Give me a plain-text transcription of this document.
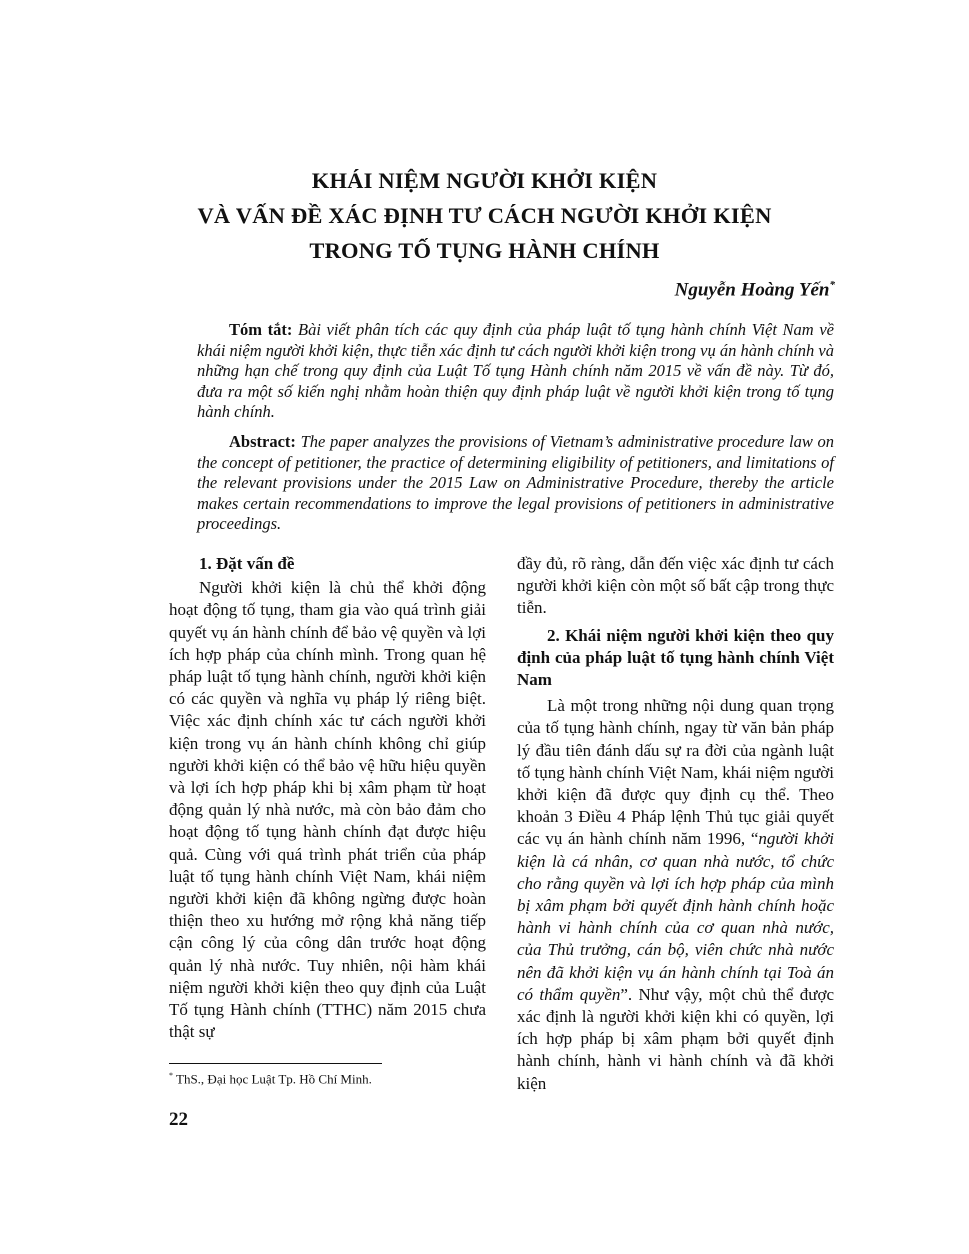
KHÁI NIỆM NGƯỜI KHỞI KIỆN
VÀ VẤN ĐỀ XÁC ĐỊNH TƯ CÁCH NGƯỜI KHỞI KIỆN
TRONG TỐ TỤNG HÀNH CHÍNH
Nguyễn Hoàng Yến*
Tóm tắt: Bài viết phân tích các quy định của pháp luật tố tụng hành chính Việt Nam về khái niệm người khởi kiện, thực tiễn xác định tư cách người khởi kiện trong vụ án hành chính và những hạn chế trong quy định của Luật Tố tụng Hành chính năm 2015 về vấn đề này. Từ đó, đưa ra một số kiến nghị nhằm hoàn thiện quy định pháp luật về người khởi kiện trong tố tụng hành chính.
Abstract: The paper analyzes the provisions of Vietnam’s administrative procedure law on the concept of petitioner, the practice of determining eligibility of petitioners, and limitations of the relevant provisions under the 2015 Law on Administrative Procedure, thereby the article makes certain recommendations to improve the legal provisions of petitioners in administrative proceedings.
1. Đặt vấn đề

Người khởi kiện là chủ thể khởi động hoạt động tố tụng, tham gia vào quá trình giải quyết vụ án hành chính để bảo vệ quyền và lợi ích hợp pháp của chính mình. Trong quan hệ pháp luật tố tụng hành chính, người khởi kiện có các quyền và nghĩa vụ pháp lý riêng biệt. Việc xác định chính xác tư cách người khởi kiện trong vụ án hành chính không chỉ giúp người khởi kiện có thể bảo vệ hữu hiệu quyền và lợi ích hợp pháp khi bị xâm phạm từ hoạt động quản lý nhà nước, mà còn bảo đảm cho hoạt động tố tụng hành chính đạt được hiệu quả. Cùng với quá trình phát triển của pháp luật tố tụng hành chính Việt Nam, khái niệm người khởi kiện đã không ngừng được hoàn thiện theo xu hướng mở rộng khả năng tiếp cận công lý của công dân trước hoạt động quản lý nhà nước. Tuy nhiên, nội hàm khái niệm người khởi kiện theo quy định của Luật Tố tụng Hành chính (TTHC) năm 2015 chưa thật sự

đầy đủ, rõ ràng, dẫn đến việc xác định tư cách người khởi kiện còn một số bất cập trong thực tiễn.

2. Khái niệm người khởi kiện theo quy định của pháp luật tố tụng hành chính Việt Nam

Là một trong những nội dung quan trọng của tố tụng hành chính, ngay từ văn bản pháp lý đầu tiên đánh dấu sự ra đời của ngành luật tố tụng hành chính Việt Nam, khái niệm người khởi kiện đã được quy định cụ thể. Theo khoản 3 Điều 4 Pháp lệnh Thủ tục giải quyết các vụ án hành chính năm 1996, “người khởi kiện là cá nhân, cơ quan nhà nước, tổ chức cho rằng quyền và lợi ích hợp pháp của mình bị xâm phạm bởi quyết định hành chính hoặc hành vi hành chính của cơ quan nhà nước, của Thủ trưởng, cán bộ, viên chức nhà nước nên đã khởi kiện vụ án hành chính tại Toà án có thẩm quyền”. Như vậy, một chủ thể được xác định là người khởi kiện khi có quyền, lợi ích hợp pháp bị xâm phạm bởi quyết định hành chính, hành vi hành chính và đã khởi kiện

* ThS., Đại học Luật Tp. Hồ Chí Minh.
22
